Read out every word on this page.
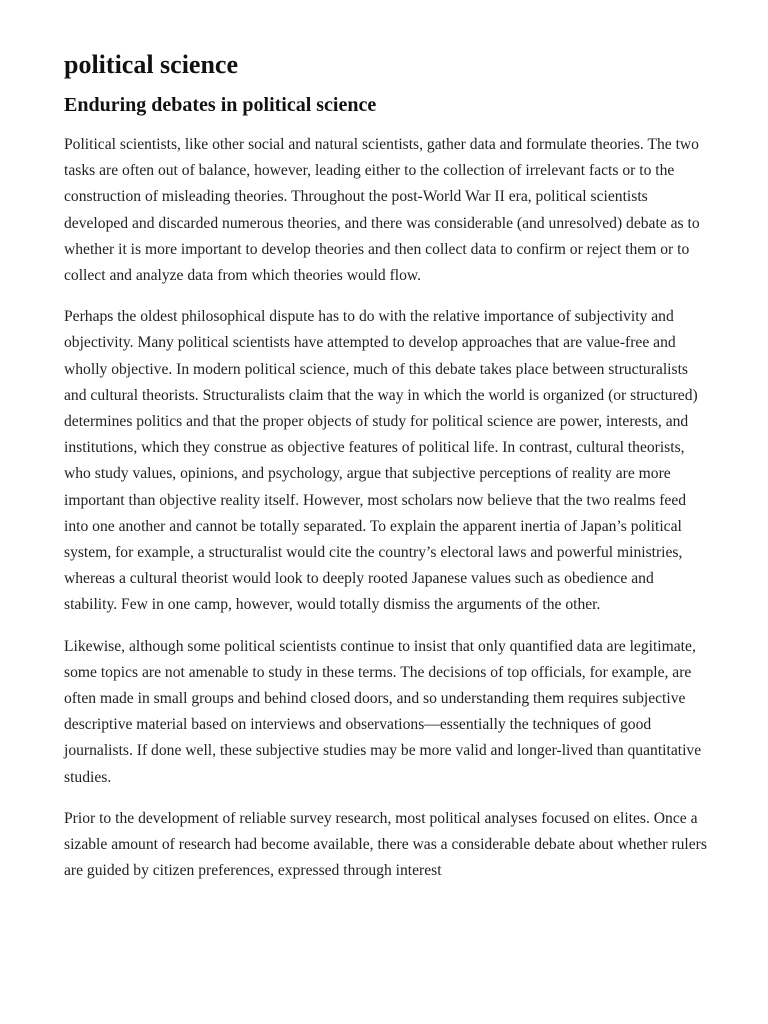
political science
Enduring debates in political science

Political scientists, like other social and natural scientists, gather data and formulate theories. The two tasks are often out of balance, however, leading either to the collection of irrelevant facts or to the construction of misleading theories. Throughout the post-World War II era, political scientists developed and discarded numerous theories, and there was considerable (and unresolved) debate as to whether it is more important to develop theories and then collect data to confirm or reject them or to collect and analyze data from which theories would flow.

Perhaps the oldest philosophical dispute has to do with the relative importance of subjectivity and objectivity. Many political scientists have attempted to develop approaches that are value-free and wholly objective. In modern political science, much of this debate takes place between structuralists and cultural theorists. Structuralists claim that the way in which the world is organized (or structured) determines politics and that the proper objects of study for political science are power, interests, and institutions, which they construe as objective features of political life. In contrast, cultural theorists, who study values, opinions, and psychology, argue that subjective perceptions of reality are more important than objective reality itself. However, most scholars now believe that the two realms feed into one another and cannot be totally separated. To explain the apparent inertia of Japan’s political system, for example, a structuralist would cite the country’s electoral laws and powerful ministries, whereas a cultural theorist would look to deeply rooted Japanese values such as obedience and stability. Few in one camp, however, would totally dismiss the arguments of the other.

Likewise, although some political scientists continue to insist that only quantified data are legitimate, some topics are not amenable to study in these terms. The decisions of top officials, for example, are often made in small groups and behind closed doors, and so understanding them requires subjective descriptive material based on interviews and observations—essentially the techniques of good journalists. If done well, these subjective studies may be more valid and longer-lived than quantitative studies.

Prior to the development of reliable survey research, most political analyses focused on elites. Once a sizable amount of research had become available, there was a considerable debate about whether rulers are guided by citizen preferences, expressed through interest
